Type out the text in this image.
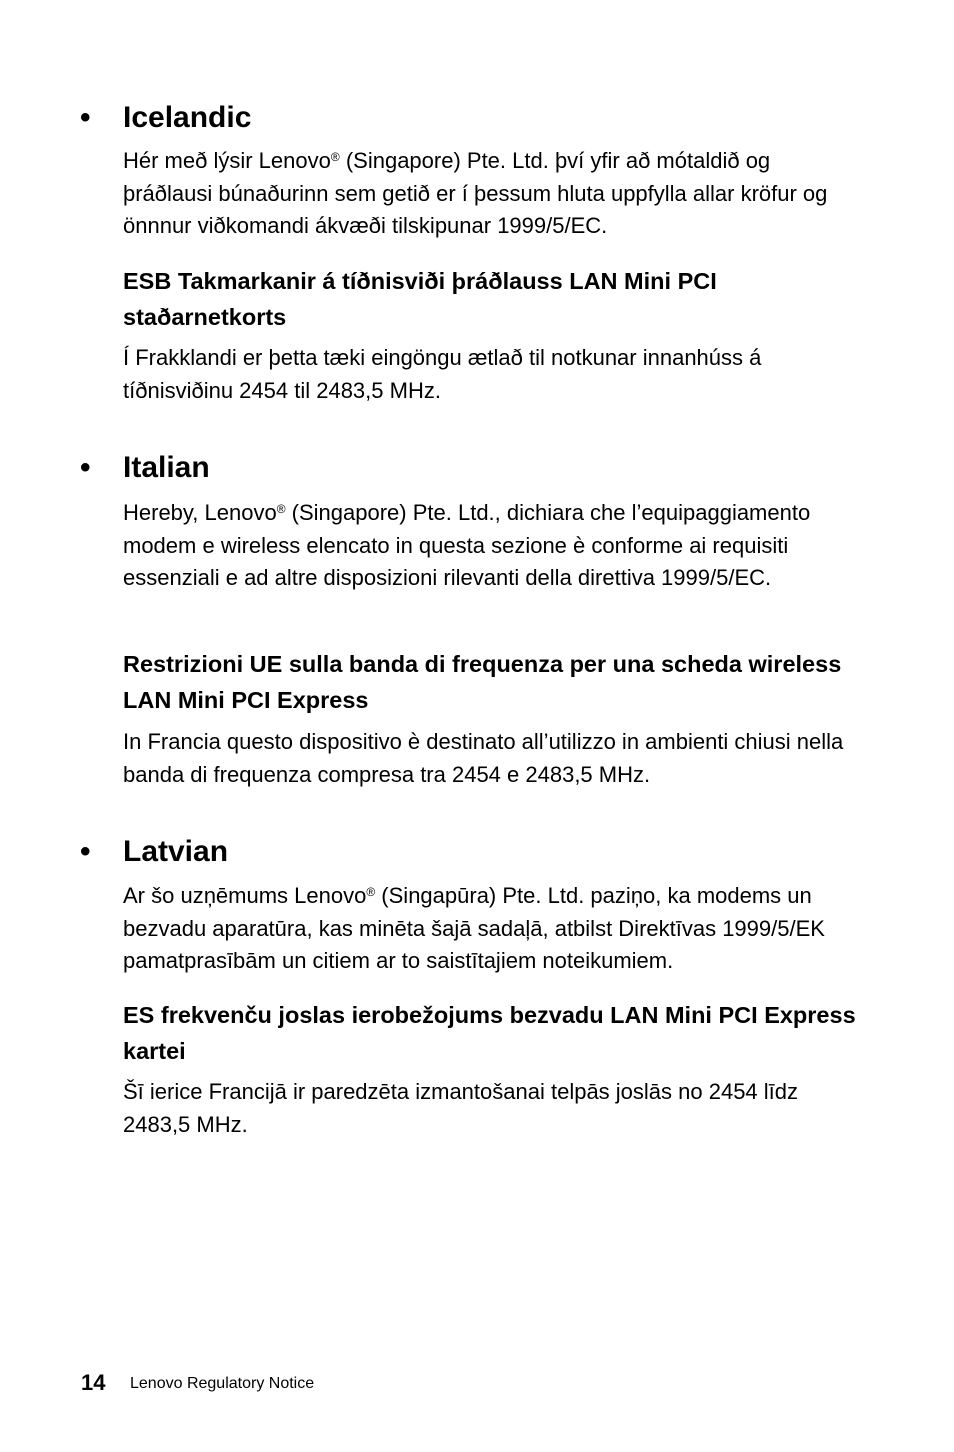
• Icelandic

Hér með lýsir Lenovo® (Singapore) Pte. Ltd. því yfir að mótaldið og þráðlausi búnaðurinn sem getið er í þessum hluta uppfylla allar kröfur og önnnur viðkomandi ákvæði tilskipunar 1999/5/EC.

ESB Takmarkanir á tíðnisviði þráðlauss LAN Mini PCI staðarnetkorts

Í Frakklandi er þetta tæki eingöngu ætlað til notkunar innanhúss á tíðnisviðinu 2454 til 2483,5 MHz.

• Italian

Hereby, Lenovo® (Singapore) Pte. Ltd., dichiara che l’equipaggiamento modem e wireless elencato in questa sezione è conforme ai requisiti essenziali e ad altre disposizioni rilevanti della direttiva 1999/5/EC.

Restrizioni UE sulla banda di frequenza per una scheda wireless LAN Mini PCI Express

In Francia questo dispositivo è destinato all’utilizzo in ambienti chiusi nella banda di frequenza compresa tra 2454 e 2483,5 MHz.

• Latvian

Ar šo uzņēmums Lenovo® (Singapūra) Pte. Ltd. paziņo, ka modems un bezvadu aparatūra, kas minēta šajā sadaļā, atbilst Direktīvas 1999/5/EK pamatprasībām un citiem ar to saistītajiem noteikumiem.

ES frekvenču joslas ierobežojums bezvadu LAN Mini PCI Express kartei

Šī ierice Francijā ir paredzēta izmantošanai telpās joslās no 2454 līdz 2483,5 MHz.

14 Lenovo Regulatory Notice
